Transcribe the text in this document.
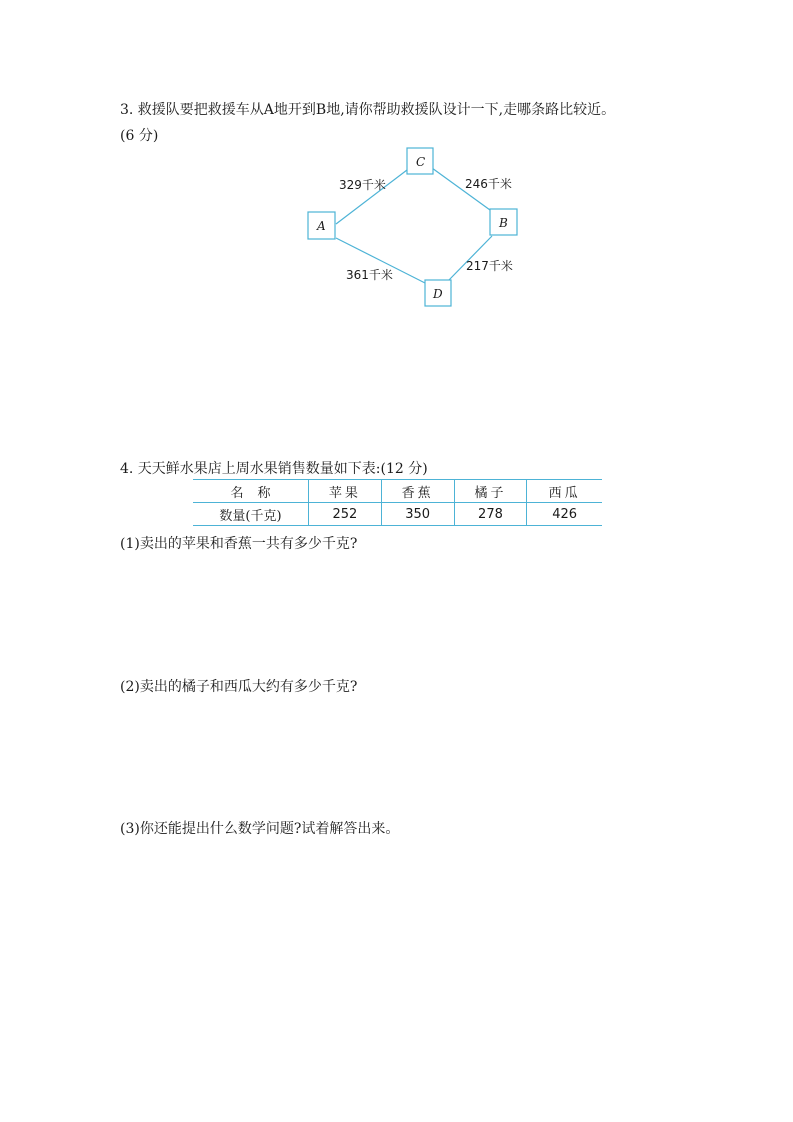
3. 救援队要把救援车从A地开到B地,请你帮助救援队设计一下,走哪条路比较近。
(6 分)
329千米	246千米
361千米
217千米
C
A	B
D
4. 天天鲜水果店上周水果销售数量如下表:(12 分)
名称	苹果	香蕉	橘子	西瓜
数量(千克)	252	350	278	426
(1)卖出的苹果和香蕉一共有多少千克?
(2)卖出的橘子和西瓜大约有多少千克?
(3)你还能提出什么数学问题?试着解答出来。
